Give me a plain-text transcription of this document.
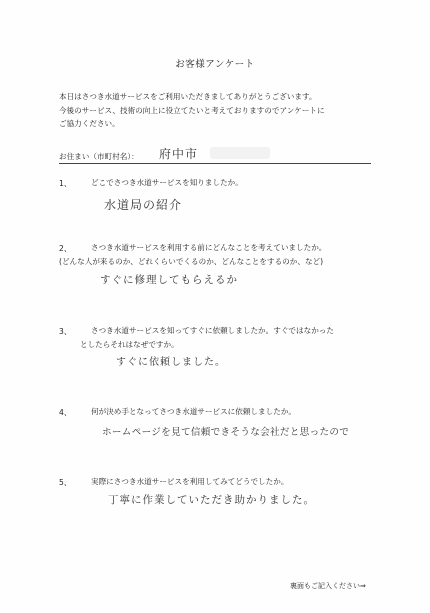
お客様アンケート
本日はさつき水道サービスをご利用いただきましてありがとうございます。
今後のサービス、技術の向上に役立てたいと考えておりますのでアンケートに
ご協力ください。
お住まい（市町村名）： 府中市
1、	どこでさつき水道サービスを知りましたか。
水道局の紹介
2、	さつき水道サービスを利用する前にどんなことを考えていましたか。
(どんな人が来るのか、どれくらいでくるのか、どんなことをするのか、など)
すぐに修理してもらえるか
3、	さつき水道サービスを知ってすぐに依頼しましたか。すぐではなかった
としたらそれはなぜですか。
すぐに依頼しました。
4、	何が決め手となってさつき水道サービスに依頼しましたか。
ホームページを見て信頼できそうな会社だと思ったので
5、	実際にさつき水道サービスを利用してみてどうでしたか。
丁寧に作業していただき助かりました。
裏面もご記入ください⇒
